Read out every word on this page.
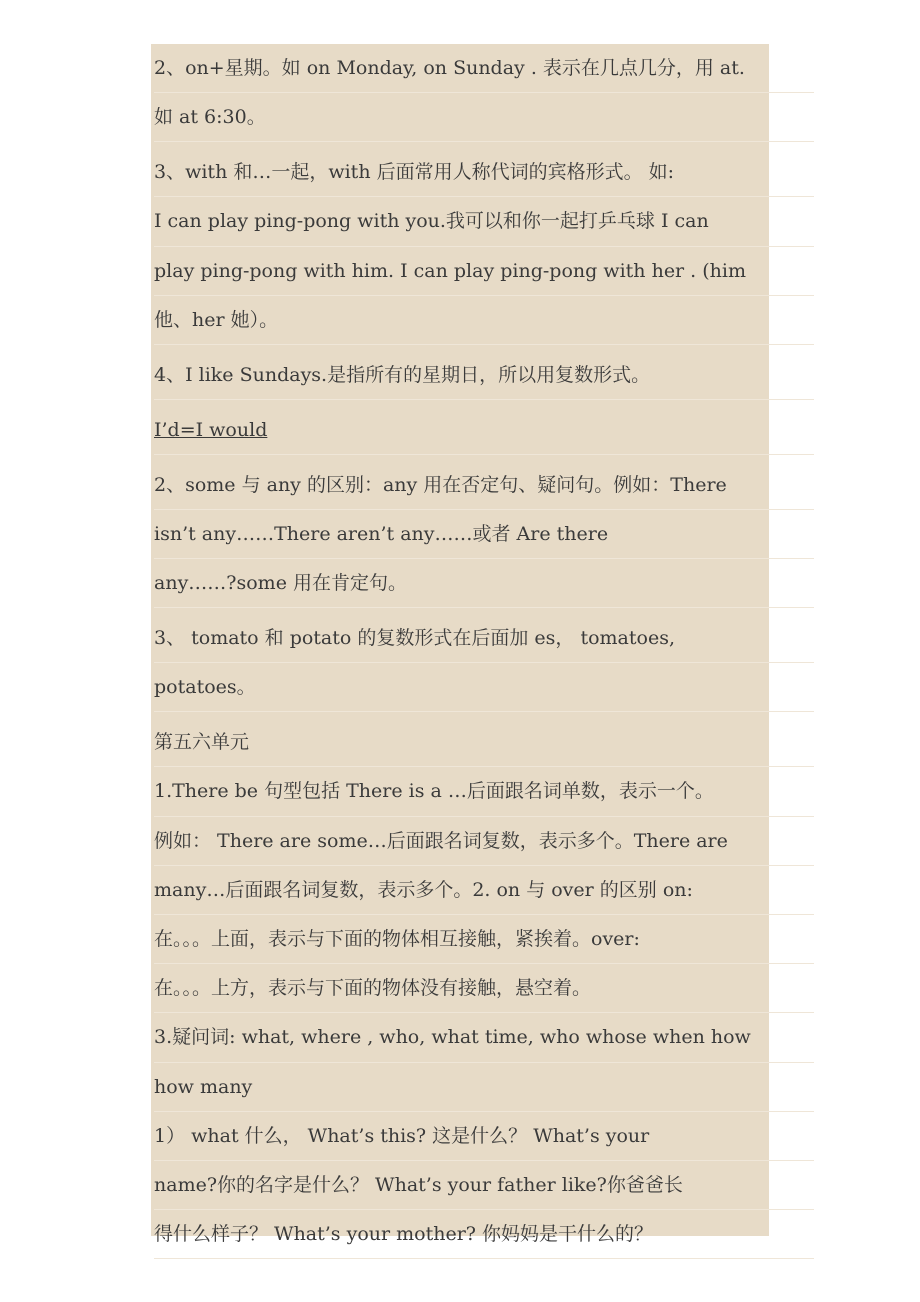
2、on+星期。如 on Monday, on Sunday . 表示在几点几分，用 at.
如 at 6:30。
3、with 和…一起，with 后面常用人称代词的宾格形式。 如:
I can play ping-pong with you.我可以和你一起打乒乓球 I can
play ping-pong with him. I can play ping-pong with her . (him
他、her 她）。
4、I like Sundays.是指所有的星期日，所以用复数形式。
I’d=I would
2、some 与 any 的区别：any 用在否定句、疑问句。例如：There
isn’t any……There aren’t any……或者 Are there
any……?some 用在肯定句。
3、 tomato 和 potato 的复数形式在后面加 es， tomatoes,
potatoes。
第五六单元
1.There be 句型包括 There is a …后面跟名词单数，表示一个。
例如： There are some…后面跟名词复数，表示多个。There are
many…后面跟名词复数，表示多个。2. on 与 over 的区别 on:
在。。。上面，表示与下面的物体相互接触，紧挨着。over:
在。。。上方，表示与下面的物体没有接触，悬空着。
3.疑问词: what, where , who, what time, who whose when how
how many
1） what 什么， What’s this? 这是什么？ What’s your
name?你的名字是什么？ What’s your father like?你爸爸长
得什么样子？ What’s your mother? 你妈妈是干什么的？
